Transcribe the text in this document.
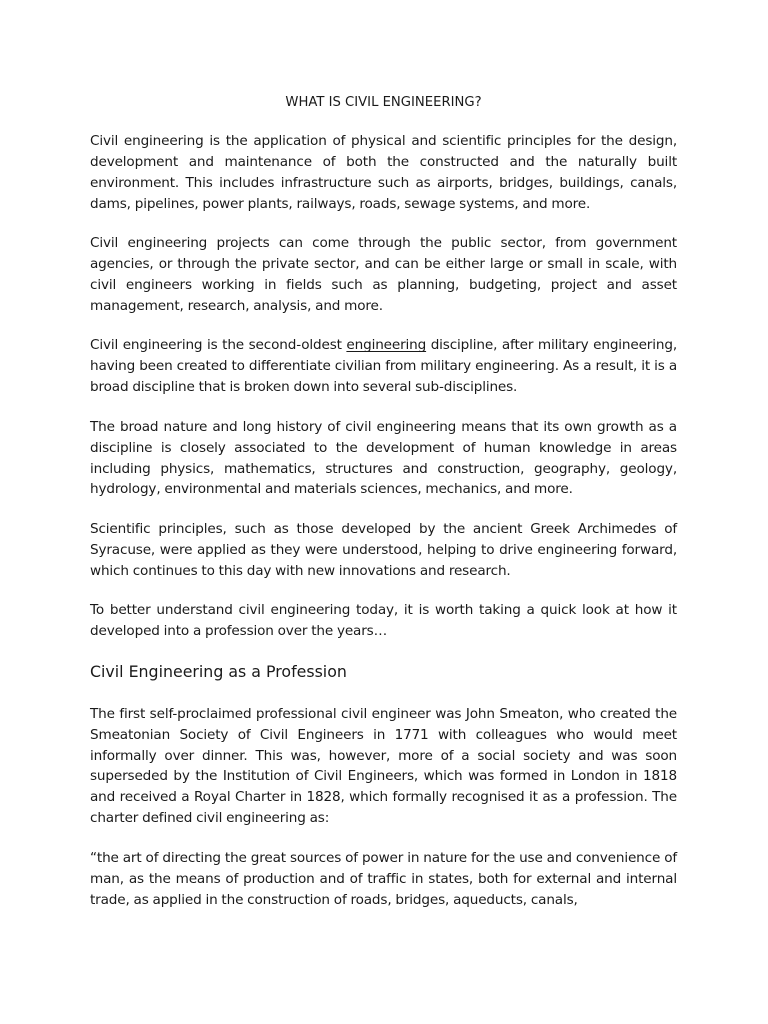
WHAT IS CIVIL ENGINEERING?

Civil engineering is the application of physical and scientific principles for the design, development and maintenance of both the constructed and the naturally built environment. This includes infrastructure such as airports, bridges, buildings, canals, dams, pipelines, power plants, railways, roads, sewage systems, and more.

Civil engineering projects can come through the public sector, from government agencies, or through the private sector, and can be either large or small in scale, with civil engineers working in fields such as planning, budgeting, project and asset management, research, analysis, and more.

Civil engineering is the second-oldest engineering discipline, after military engineering, having been created to differentiate civilian from military engineering. As a result, it is a broad discipline that is broken down into several sub-disciplines.

The broad nature and long history of civil engineering means that its own growth as a discipline is closely associated to the development of human knowledge in areas including physics, mathematics, structures and construction, geography, geology, hydrology, environmental and materials sciences, mechanics, and more.

Scientific principles, such as those developed by the ancient Greek Archimedes of Syracuse, were applied as they were understood, helping to drive engineering forward, which continues to this day with new innovations and research.

To better understand civil engineering today, it is worth taking a quick look at how it developed into a profession over the years…

Civil Engineering as a Profession

The first self-proclaimed professional civil engineer was John Smeaton, who created the Smeatonian Society of Civil Engineers in 1771 with colleagues who would meet informally over dinner. This was, however, more of a social society and was soon superseded by the Institution of Civil Engineers, which was formed in London in 1818 and received a Royal Charter in 1828, which formally recognised it as a profession. The charter defined civil engineering as:

“the art of directing the great sources of power in nature for the use and convenience of man, as the means of production and of traffic in states, both for external and internal trade, as applied in the construction of roads, bridges, aqueducts, canals,
